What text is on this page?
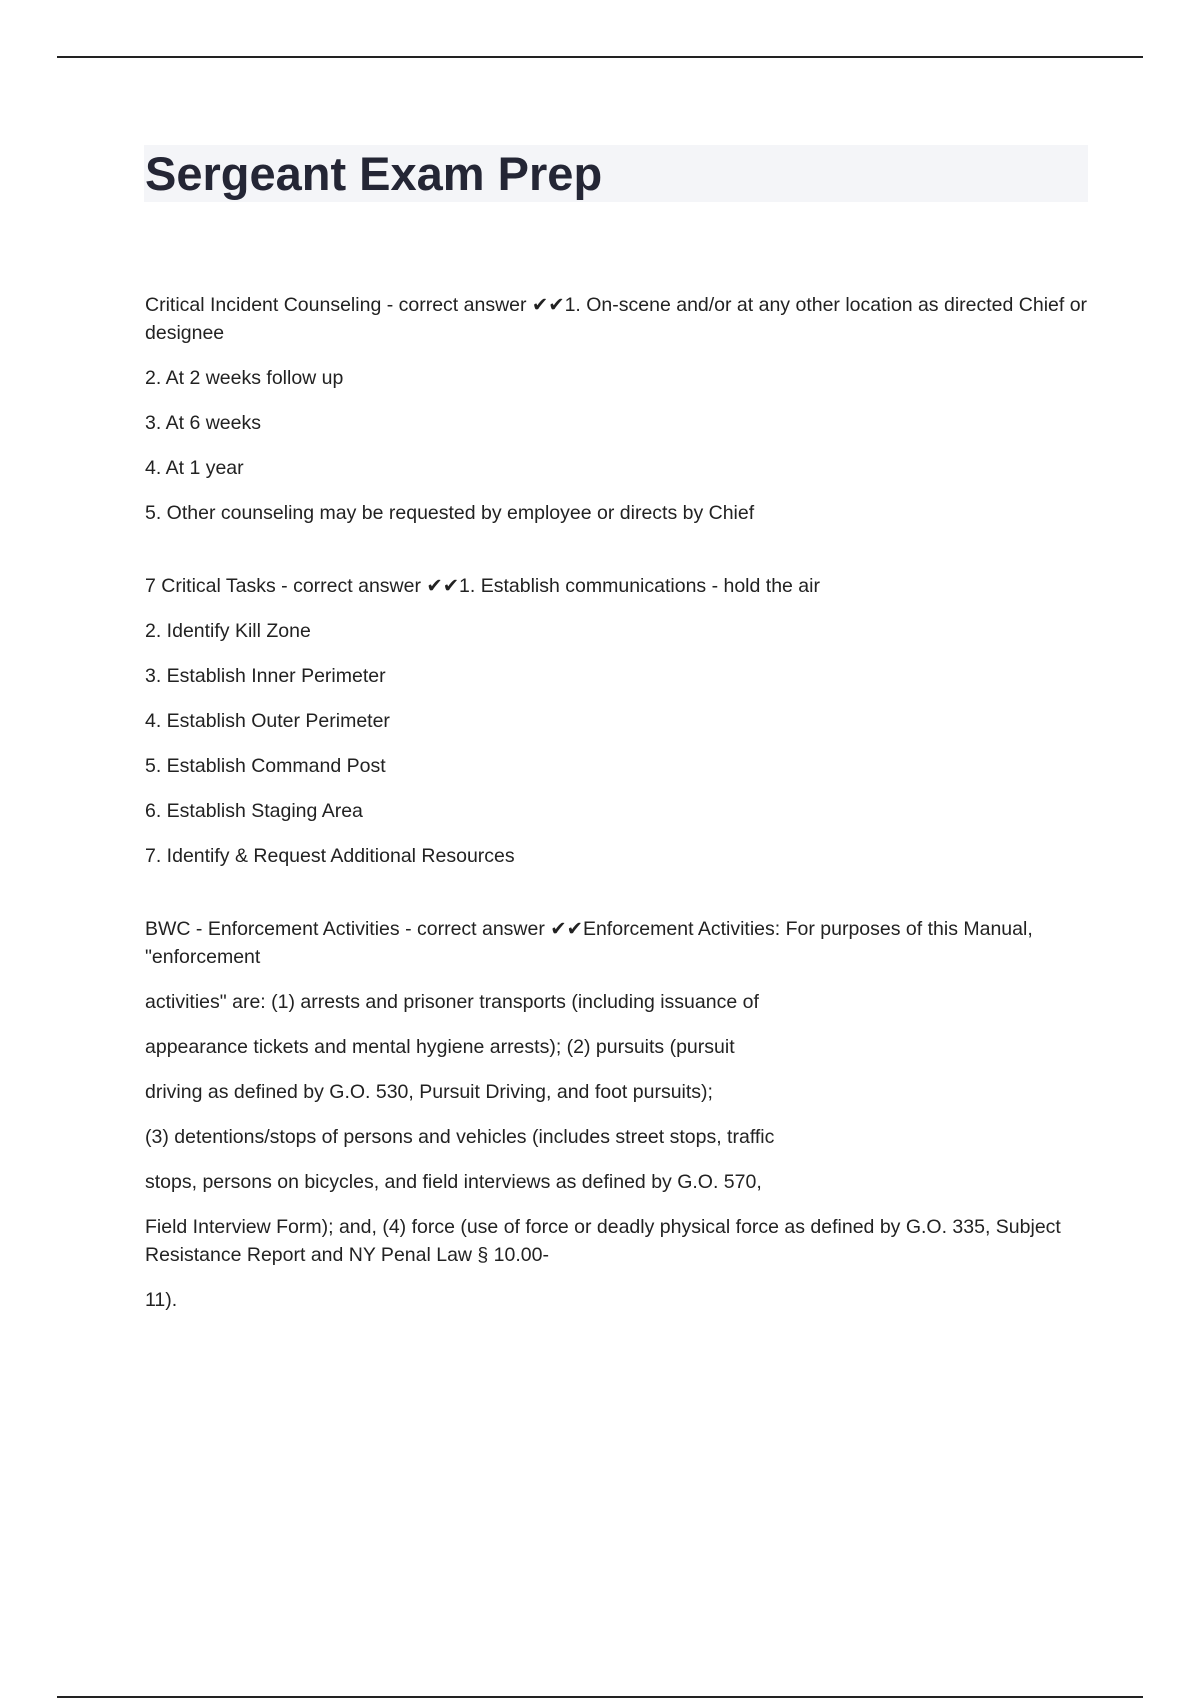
Sergeant Exam Prep

Critical Incident Counseling - correct answer ✔✔1. On-scene and/or at any other location as directed Chief or designee

2. At 2 weeks follow up

3. At 6 weeks

4. At 1 year

5. Other counseling may be requested by employee or directs by Chief

7 Critical Tasks - correct answer ✔✔1. Establish communications - hold the air

2. Identify Kill Zone

3. Establish Inner Perimeter

4. Establish Outer Perimeter

5. Establish Command Post

6. Establish Staging Area

7. Identify & Request Additional Resources

BWC - Enforcement Activities - correct answer ✔✔Enforcement Activities: For purposes of this Manual, "enforcement

activities" are: (1) arrests and prisoner transports (including issuance of

appearance tickets and mental hygiene arrests); (2) pursuits (pursuit

driving as defined by G.O. 530, Pursuit Driving, and foot pursuits);

(3) detentions/stops of persons and vehicles (includes street stops, traffic

stops, persons on bicycles, and field interviews as defined by G.O. 570,

Field Interview Form); and, (4) force (use of force or deadly physical force as defined by G.O. 335, Subject Resistance Report and NY Penal Law § 10.00-

11).
